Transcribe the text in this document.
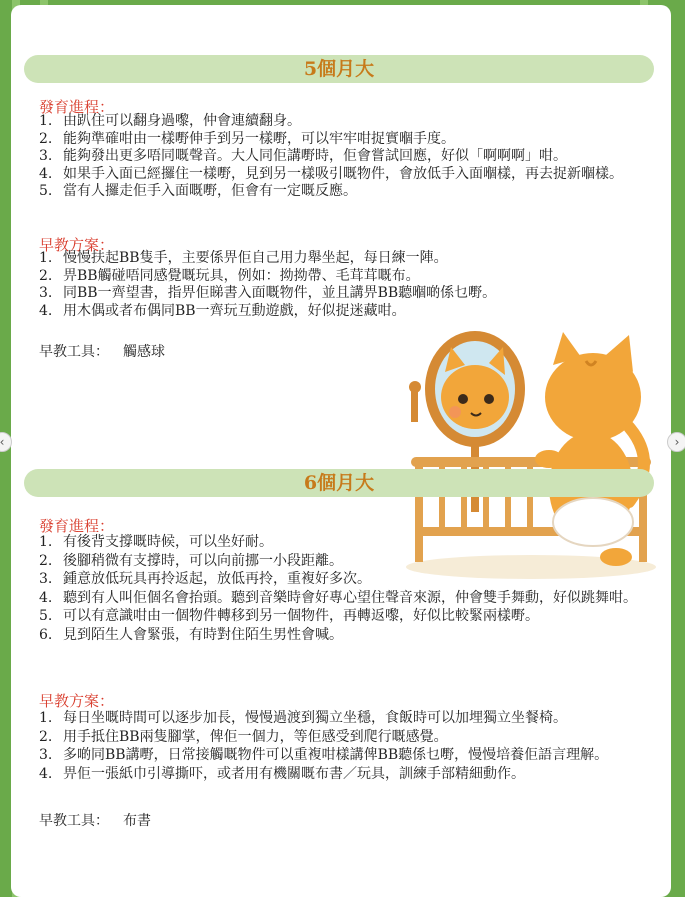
5個月大
發育進程：
1. 由趴住可以翻身過嚟，仲會連續翻身。
2. 能夠準確咁由一樣嘢伸手到另一樣嘢，可以牢牢咁捉實嗰手度。
3. 能夠發出更多唔同嘅聲音。大人同佢講嘢時，佢會嘗試回應，好似「啊啊啊」咁。
4. 如果手入面已經攞住一樣嘢，見到另一樣吸引嘅物件，會放低手入面嗰樣，再去捉新嗰樣。
5. 當有人攞走佢手入面嘅嘢，佢會有一定嘅反應。
早教方案：
1. 慢慢扶起BB隻手，主要係畀佢自己用力舉坐起，每日練一陣。
2. 畀BB觸碰唔同感覺嘅玩具，例如：拗拗帶、毛茸茸嘅布。
3. 同BB一齊望書，指畀佢睇書入面嘅物件，並且講畀BB聽嗰啲係乜嘢。
4. 用木偶或者布偶同BB一齊玩互動遊戲，好似捉迷藏咁。
早教工具： 觸感球
6個月大
發育進程：
1. 有後背支撐嘅時候，可以坐好耐。
2. 後腳稍微有支撐時，可以向前挪一小段距離。
3. 鍾意放低玩具再拎返起，放低再拎，重複好多次。
4. 聽到有人叫佢個名會抬頭。聽到音樂時會好專心望住聲音來源，仲會雙手舞動，好似跳舞咁。
5. 可以有意識咁由一個物件轉移到另一個物件，再轉返嚟，好似比較緊兩樣嘢。
6. 見到陌生人會緊張，有時對住陌生男性會喊。
早教方案：
1. 每日坐嘅時間可以逐步加長，慢慢過渡到獨立坐穩，食飯時可以加埋獨立坐餐椅。
2. 用手抵住BB兩隻腳掌，俾佢一個力，等佢感受到爬行嘅感覺。
3. 多啲同BB講嘢，日常接觸嘅物件可以重複咁樣講俾BB聽係乜嘢，慢慢培養佢語言理解。
4. 畀佢一張紙巾引導撕吓，或者用有機關嘅布書／玩具，訓練手部精細動作。
早教工具： 布書
‹	›
